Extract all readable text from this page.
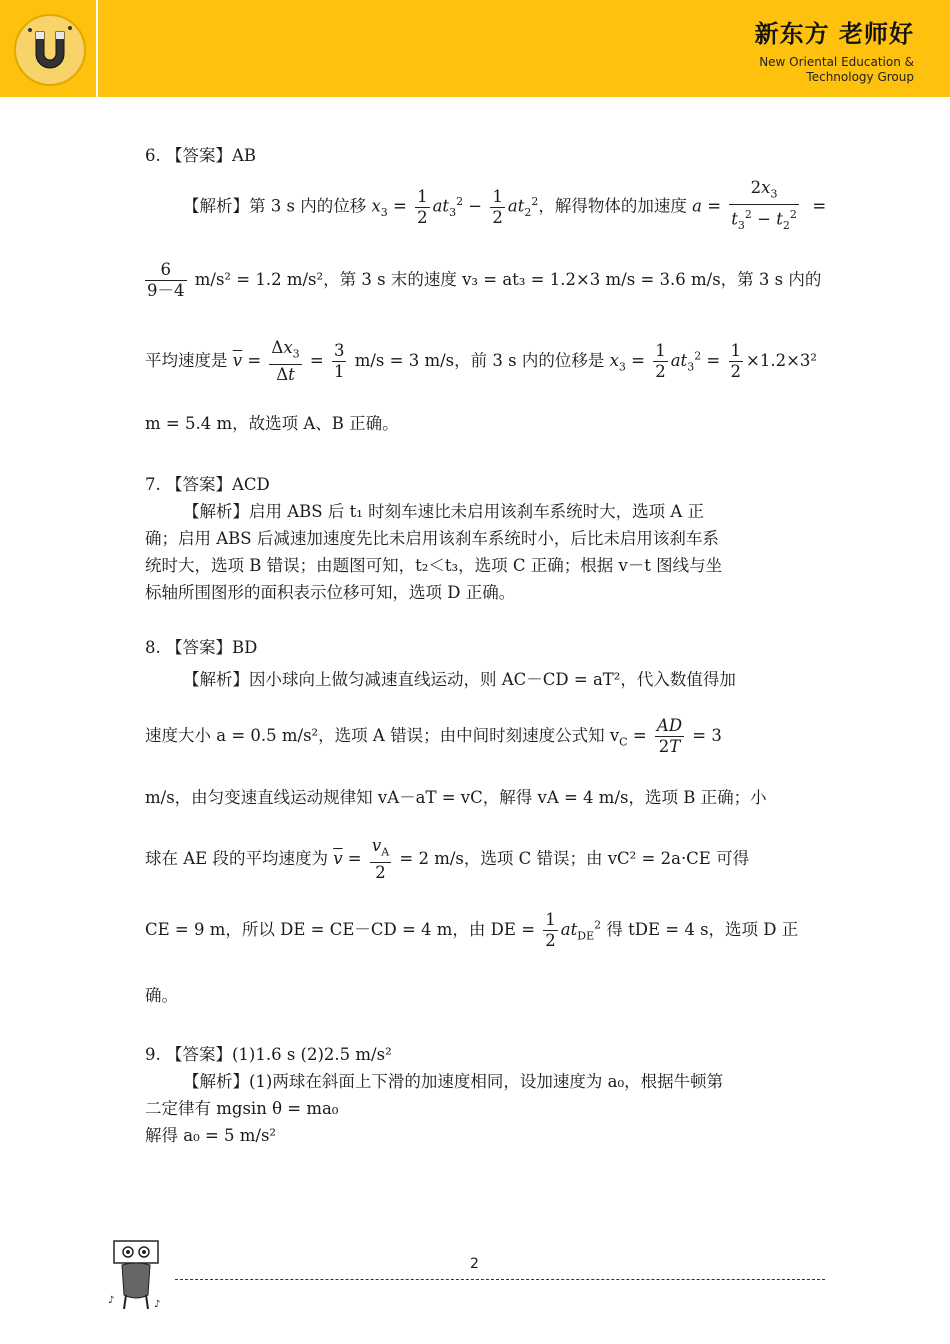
新东方 老师好
New Oriental Education &
Technology Group
6. 【答案】AB
【解析】第 3 s 内的位移 $x_3 = \frac{1}{2} at_3^2 - \frac{1}{2} at_2^2$，解得物体的加速度 $a = \frac{2x_3}{t_3^2 - t_2^2}$ =
$\frac{6}{9-4} m/s^2 = 1.2$ m/s²，第 3 s 末的速度 v₃ = at₃ = 1.2×3 m/s = 3.6 m/s，第 3 s 内的
平均速度是 $\overline{v} = \frac{\Delta x_3}{\Delta t} = \frac{3}{1} m/s = 3$ m/s，前 3 s 内的位移是 $x_3 = \frac{1}{2} at_3^2 = \frac{1}{2} \times 1.2\times 3^2$
m = 5.4 m，故选项 A、B 正确。
7. 【答案】ACD
【解析】启用 ABS 后 t₁ 时刻车速比未启用该刹车系统时大，选项 A 正
确；启用 ABS 后减速加速度先比未启用该刹车系统时小，后比未启用该刹车系
统时大，选项 B 错误；由题图可知，t₂＜t₃，选项 C 正确；根据 v－t 图线与坐
标轴所围图形的面积表示位移可知，选项 D 正确。
8. 【答案】BD
【解析】因小球向上做匀减速直线运动，则 AC－CD = aT²，代入数值得加
速度大小 a = 0.5 m/s²，选项 A 错误；由中间时刻速度公式知 $v_C = \frac{AD}{2T} = 3$
m/s，由匀变速直线运动规律知 vA－aT = vC，解得 vA = 4 m/s，选项 B 正确；小
球在 AE 段的平均速度为 $\overline{v} = \frac{v_A}{2} = 2$ m/s，选项 C 错误；由 vC² = 2a·CE 可得
CE = 9 m，所以 DE = CE－CD = 4 m，由 DE = $\frac{1}{2} at_{DE}^2$ 得 tDE = 4 s，选项 D 正
确。
9. 【答案】(1)1.6 s (2)2.5 m/s²
【解析】(1)两球在斜面上下滑的加速度相同，设加速度为 a₀，根据牛顿第
二定律有 mgsin θ = ma₀
解得 a₀ = 5 m/s²
♪	♪
2
